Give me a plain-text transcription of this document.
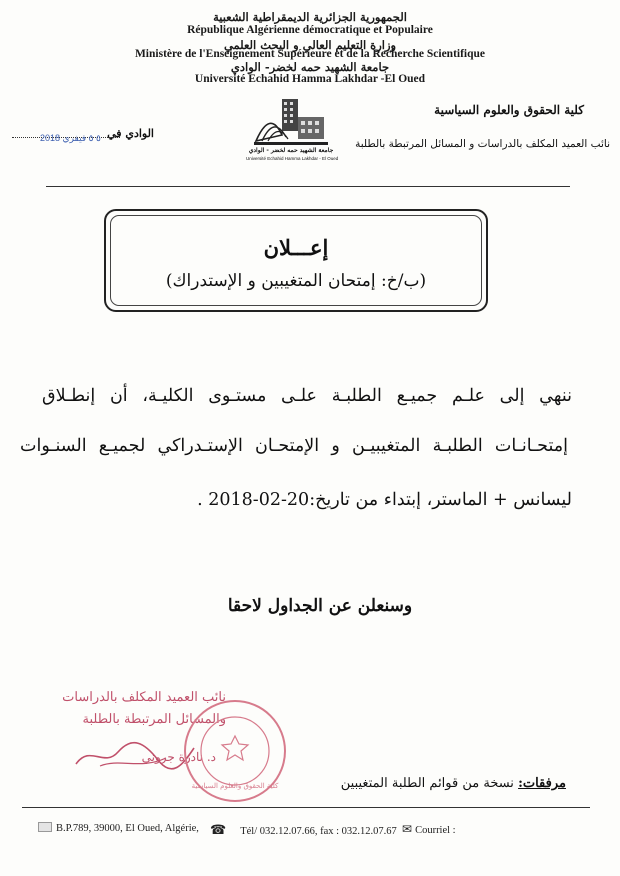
الجمهورية الجزائرية الديمقراطية الشعبية
République Algérienne démocratique et Populaire
وزارة التعليم العالي و البحث العلمي
Ministère de l'Enseignement Supérieure et de la Recherche Scientifique
جامعة الشهيد حمه لخضر- الوادي
Université Echahid Hamma Lakhdar -El Oued
كلية الحقوق والعلوم السياسية
نائب العميد المكلف بالدراسات و المسائل المرتبطة بالطلبة
الوادي في
2018 ٥ ٥ فيفري
جامعة الشهيد حمه لخضر - الوادي
Université Echahid Hamma Lakhdar - El Oued
إعـــلان
(ب/خ: إمتحان المتغيبين و الإستدراك)
ننهي إلى علـم جميـع الطلبـة علـى مستـوى الكليـة، أن إنطـلاق
إمتحـانـات الطلبـة المتغيبيـن و الإمتحـان الإستـدراكي لجميـع السنـوات
ليسانس + الماستر، إبتداء من تاريخ:20-02-2018 .
وسنعلن عن الجداول لاحقا
نائب العميد المكلف بالدراسات
والمسائل المرتبطة بالطلبة
د. نادرة جروني
كلية الحقوق والعلوم السياسية	مرفقات: نسخة من قوائم الطلبة المتغيبين
B.P.789, 39000, El Oued, Algérie, ☎ Tél/ 032.12.07.66, fax : 032.12.07.67 ✉ Courriel :
